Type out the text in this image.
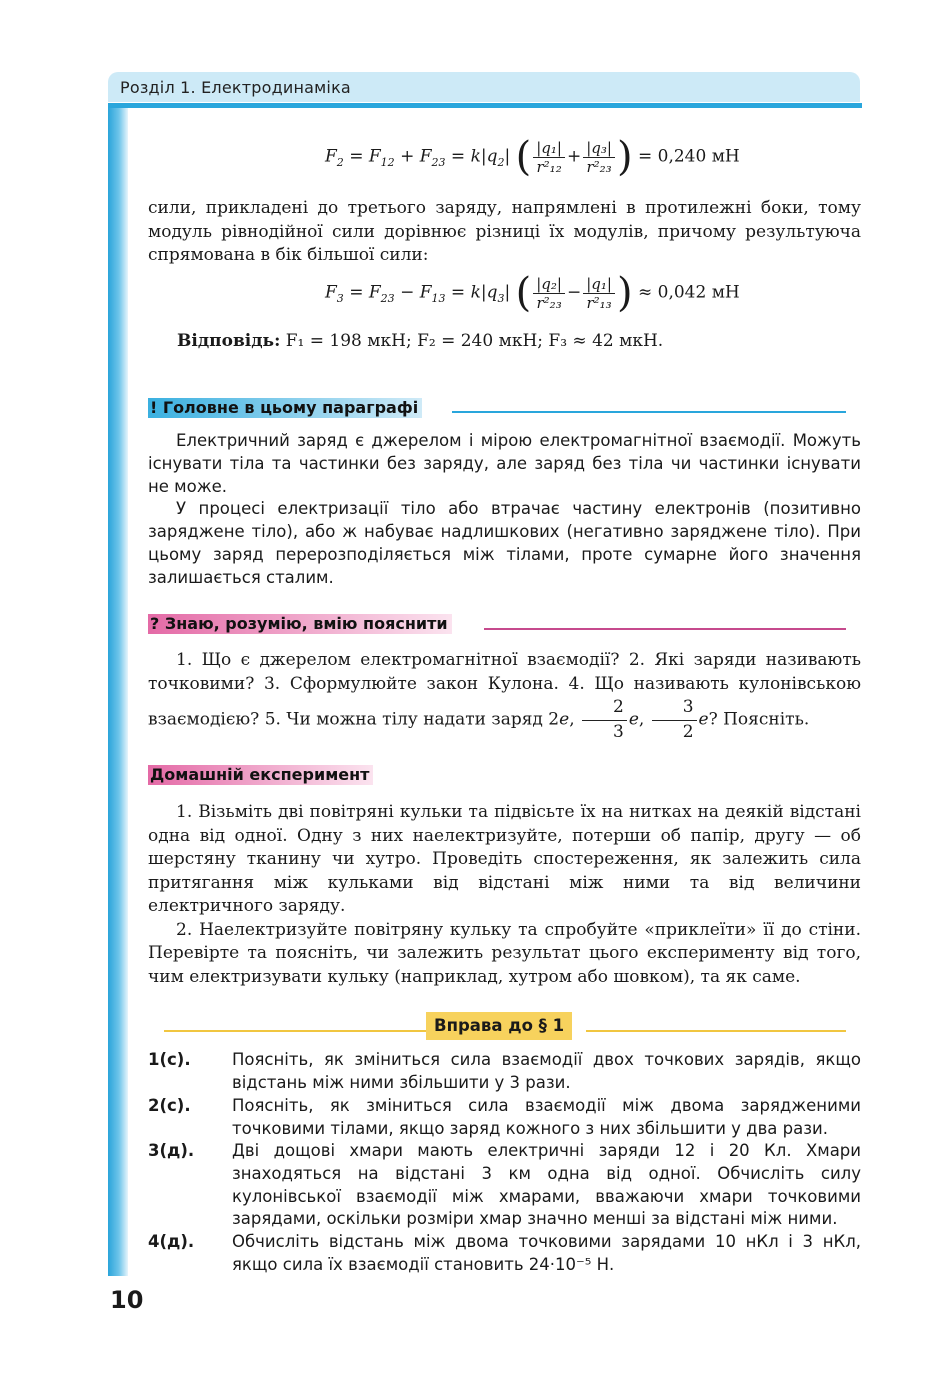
Розділ 1. Електродинаміка
$F_2 = F_{12} + F_{23} = k|q_2|$ ( $\frac{\text{|q₁|}}{\text{r²₁₂}} + \frac{\text{|q₃|}}{\text{r²₂₃}}$ ) = 0,240 мН
сили, прикладені до третього заряду, напрямлені в протилежні боки, тому модуль рівнодійної сили дорівнює різниці їх модулів, причому результуюча спрямована в бік більшої сили:
$F_3 = F_{23} - F_{13} = k|q_3|$ ( $\frac{\text{|q₂|}}{\text{r²₂₃}} - \frac{\text{|q₁|}}{\text{r²₁₃}}$ ) ≈ 0,042 мН
Відповідь: F₁ = 198 мкН; F₂ = 240 мкН; F₃ ≈ 42 мкН.
! Головне в цьому параграфі
Електричний заряд є джерелом і мірою електромагнітної взаємодії. Можуть існувати тіла та частинки без заряду, але заряд без тіла чи частинки існувати не може.
У процесі електризації тіло або втрачає частину електронів (позитивно заряджене тіло), або ж набуває надлишкових (негативно заряджене тіло). При цьому заряд перерозподіляється між тілами, проте сумарне його значення залишається сталим.
? Знаю, розумію, вмію пояснити
1. Що є джерелом електромагнітної взаємодії? 2. Які заряди називають точковими? 3. Сформулюйте закон Кулона. 4. Що називають кулонівською взаємодією? 5. Чи можна тілу надати заряд 2e, $\frac{2}{3} e$, $\frac{3}{2} e$? Поясніть.
Домашній експеримент
1. Візьміть дві повітряні кульки та підвісьте їх на нитках на деякій відстані одна від одної. Одну з них наелектризуйте, потерши об папір, другу — об шерстяну тканину чи хутро. Проведіть спостереження, як залежить сила притягання між кульками від відстані між ними та від величини електричного заряду.
2. Наелектризуйте повітряну кульку та спробуйте «приклеїти» її до стіни. Перевірте та поясніть, чи залежить результат цього експерименту від того, чим електризувати кульку (наприклад, хутром або шовком), та як саме.
Вправа до § 1
1(с).	Поясніть, як зміниться сила взаємодії двох точкових зарядів, якщо відстань між ними збільшити у 3 рази.
2(с).	Поясніть, як зміниться сила взаємодії між двома зарядженими точковими тілами, якщо заряд кожного з них збільшити у два рази.
3(д). Дві дощові хмари мають електричні заряди 12 і 20 Кл. Хмари знаходяться на відстані 3 км одна від одної. Обчисліть силу кулонівської взаємодії між хмарами, вважаючи хмари точковими зарядами, оскільки розміри хмар значно менші за відстані між ними.
4(д). Обчисліть відстань між двома точковими зарядами 10 нКл і 3 нКл, якщо сила їх взаємодії становить 24·10⁻⁵ Н.
10
